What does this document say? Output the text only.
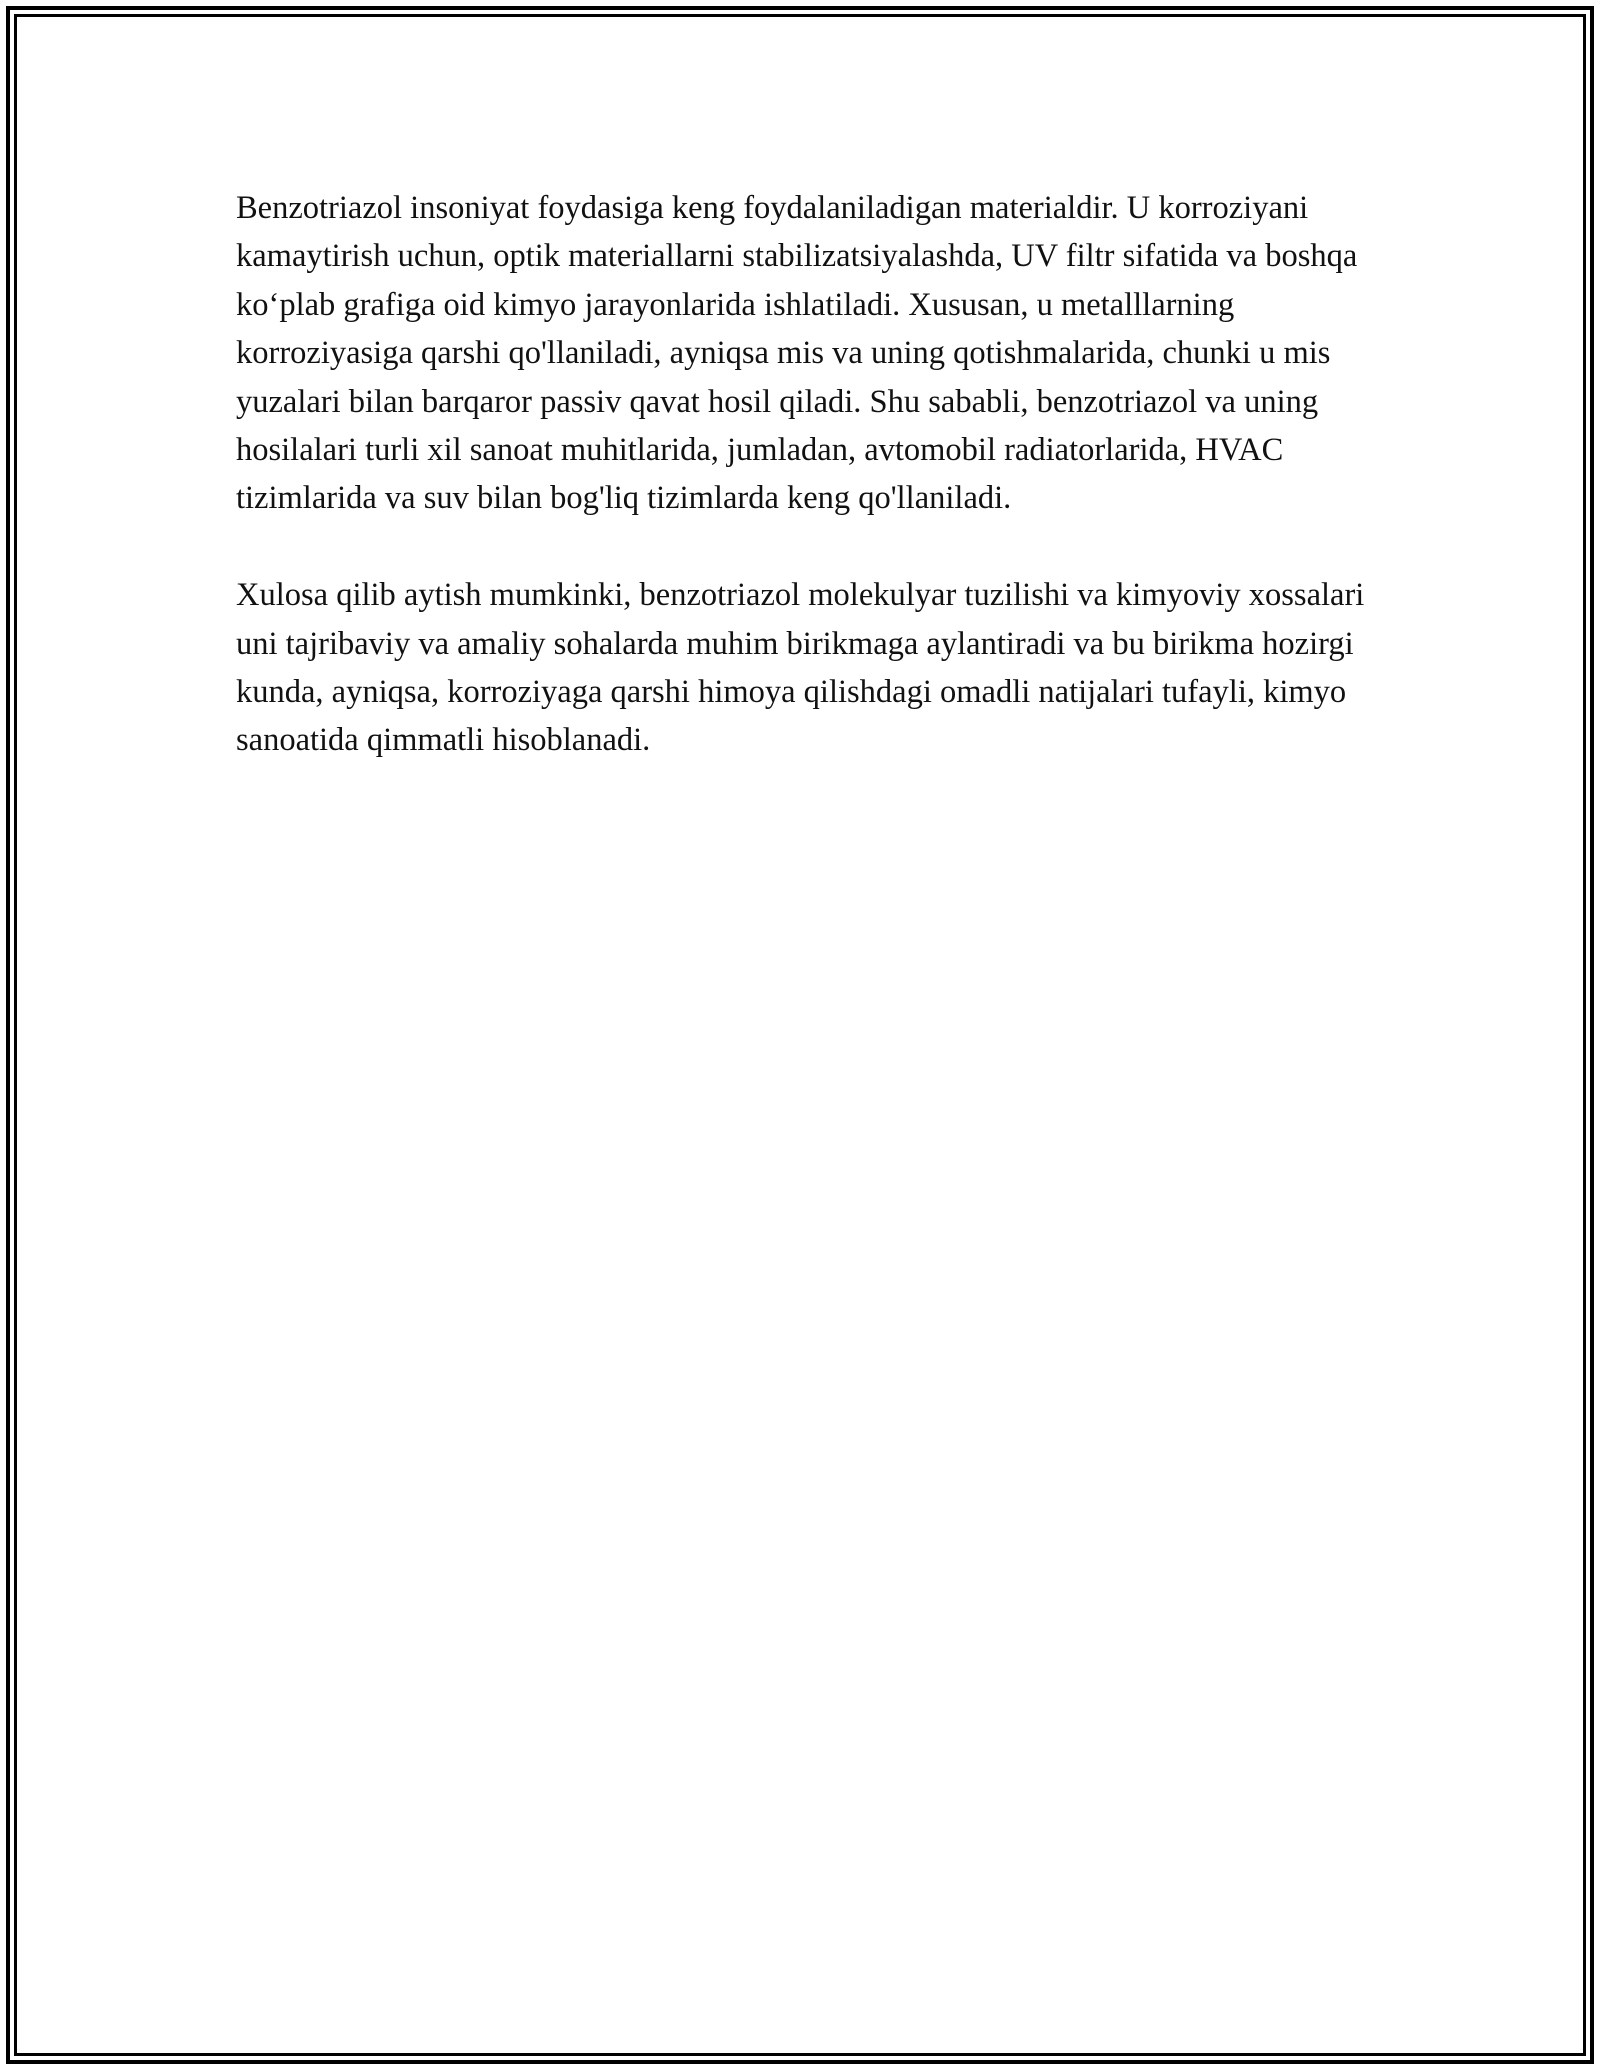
Benzotriazol insoniyat foydasiga keng foydalaniladigan materialdir. U korroziyani kamaytirish uchun, optik materiallarni stabilizatsiyalashda, UV filtr sifatida va boshqa ko‘plab grafiga oid kimyo jarayonlarida ishlatiladi. Xususan, u metalllarning korroziyasiga qarshi qo'llaniladi, ayniqsa mis va uning qotishmalarida, chunki u mis yuzalari bilan barqaror passiv qavat hosil qiladi. Shu sababli, benzotriazol va uning hosilalari turli xil sanoat muhitlarida, jumladan, avtomobil radiatorlarida, HVAC tizimlarida va suv bilan bog'liq tizimlarda keng qo'llaniladi.

Xulosa qilib aytish mumkinki, benzotriazol molekulyar tuzilishi va kimyoviy xossalari uni tajribaviy va amaliy sohalarda muhim birikmaga aylantiradi va bu birikma hozirgi kunda, ayniqsa, korroziyaga qarshi himoya qilishdagi omadli natijalari tufayli, kimyo sanoatida qimmatli hisoblanadi.
